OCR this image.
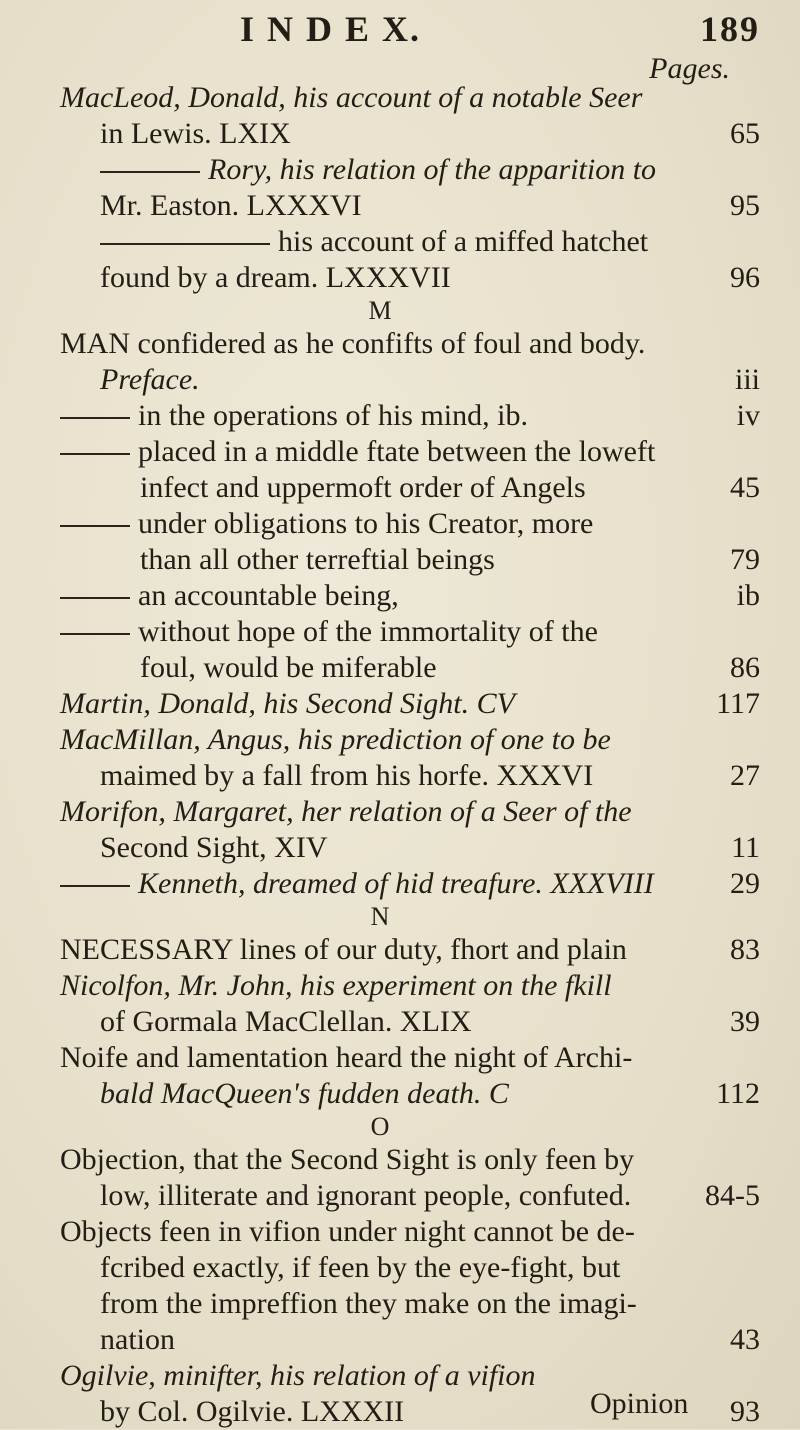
I N D E X.	189
Pages.
MacLeod, Donald, his account of a notable Seer
in Lewis. LXIX	65
Rory, his relation of the apparition to
Mr. Easton. LXXXVI	95
his account of a miffed hatchet
found by a dream. LXXXVII	96
M
MAN confidered as he confifts of foul and body.
Preface.	iii
in the operations of his mind, ib.	iv
placed in a middle ftate between the loweft
infect and uppermoft order of Angels	45
under obligations to his Creator, more
than all other terreftial beings	79
an accountable being,	ib
without hope of the immortality of the
foul, would be miferable	86
Martin, Donald, his Second Sight. CV	117
MacMillan, Angus, his prediction of one to be
maimed by a fall from his horfe. XXXVI	27
Morifon, Margaret, her relation of a Seer of the
Second Sight, XIV	11
Kenneth, dreamed of hid treafure. XXXVIII	29
N
NECESSARY lines of our duty, fhort and plain	83
Nicolfon, Mr. John, his experiment on the fkill
of Gormala MacClellan. XLIX	39
Noife and lamentation heard the night of Archi-
bald MacQueen's fudden death. C	112
O
Objection, that the Second Sight is only feen by
low, illiterate and ignorant people, confuted. 84-5
Objects feen in vifion under night cannot be de-
fcribed exactly, if feen by the eye-fight, but
from the impreffion they make on the imagi-
nation	43
Ogilvie, minifter, his relation of a vifion
by Col. Ogilvie. LXXXII	93
Opinion
